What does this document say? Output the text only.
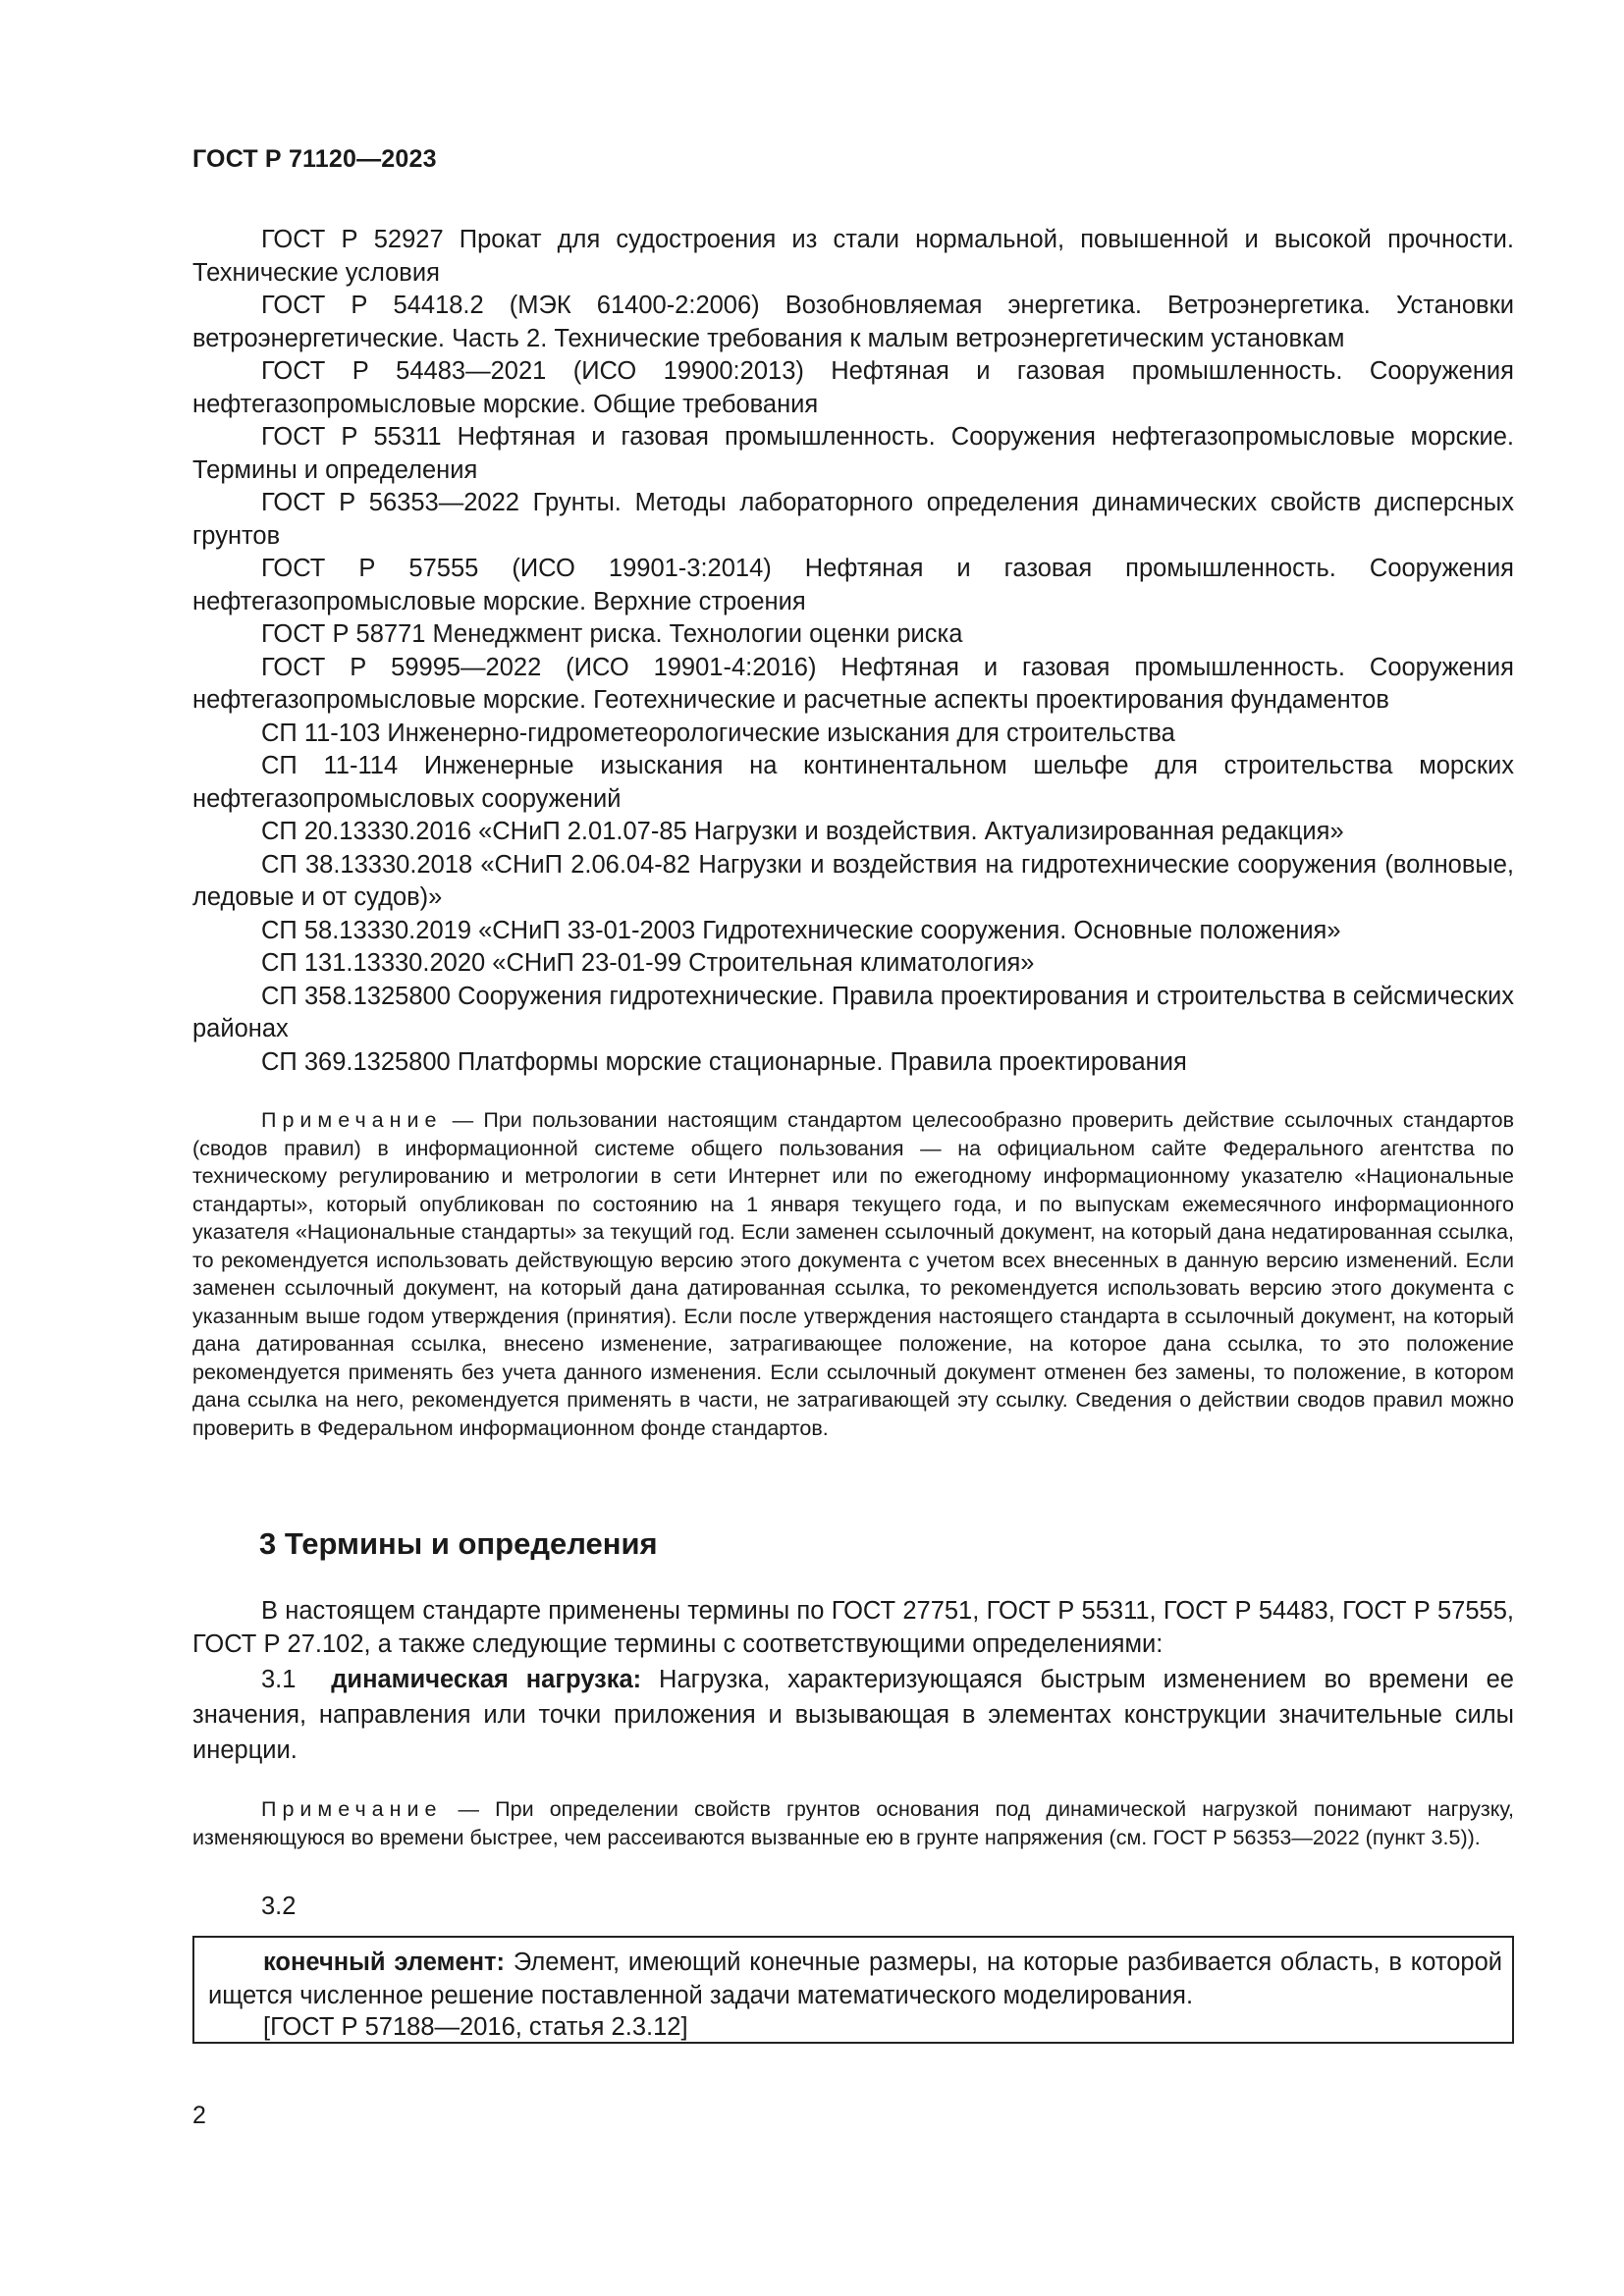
ГОСТ Р 71120—2023

ГОСТ Р 52927 Прокат для судостроения из стали нормальной, повышенной и высокой прочности. Технические условия

ГОСТ Р 54418.2 (МЭК 61400-2:2006) Возобновляемая энергетика. Ветроэнергетика. Установки ветроэнергетические. Часть 2. Технические требования к малым ветроэнергетическим установкам

ГОСТ Р 54483—2021 (ИСО 19900:2013) Нефтяная и газовая промышленность. Сооружения нефтегазопромысловые морские. Общие требования

ГОСТ Р 55311 Нефтяная и газовая промышленность. Сооружения нефтегазопромысловые морские. Термины и определения

ГОСТ Р 56353—2022 Грунты. Методы лабораторного определения динамических свойств дисперсных грунтов

ГОСТ Р 57555 (ИСО 19901-3:2014) Нефтяная и газовая промышленность. Сооружения нефтегазопромысловые морские. Верхние строения

ГОСТ Р 58771 Менеджмент риска. Технологии оценки риска

ГОСТ Р 59995—2022 (ИСО 19901-4:2016) Нефтяная и газовая промышленность. Сооружения нефтегазопромысловые морские. Геотехнические и расчетные аспекты проектирования фундаментов

СП 11-103 Инженерно-гидрометеорологические изыскания для строительства

СП 11-114 Инженерные изыскания на континентальном шельфе для строительства морских нефтегазопромысловых сооружений

СП 20.13330.2016 «СНиП 2.01.07-85 Нагрузки и воздействия. Актуализированная редакция»

СП 38.13330.2018 «СНиП 2.06.04-82 Нагрузки и воздействия на гидротехнические сооружения (волновые, ледовые и от судов)»

СП 58.13330.2019 «СНиП 33-01-2003 Гидротехнические сооружения. Основные положения»

СП 131.13330.2020 «СНиП 23-01-99 Строительная климатология»

СП 358.1325800 Сооружения гидротехнические. Правила проектирования и строительства в сейсмических районах

СП 369.1325800 Платформы морские стационарные. Правила проектирования

Примечание — При пользовании настоящим стандартом целесообразно проверить действие ссылочных стандартов (сводов правил) в информационной системе общего пользования — на официальном сайте Федерального агентства по техническому регулированию и метрологии в сети Интернет или по ежегодному информационному указателю «Национальные стандарты», который опубликован по состоянию на 1 января текущего года, и по выпускам ежемесячного информационного указателя «Национальные стандарты» за текущий год. Если заменен ссылочный документ, на который дана недатированная ссылка, то рекомендуется использовать действующую версию этого документа с учетом всех внесенных в данную версию изменений. Если заменен ссылочный документ, на который дана датированная ссылка, то рекомендуется использовать версию этого документа с указанным выше годом утверждения (принятия). Если после утверждения настоящего стандарта в ссылочный документ, на который дана датированная ссылка, внесено изменение, затрагивающее положение, на которое дана ссылка, то это положение рекомендуется применять без учета данного изменения. Если ссылочный документ отменен без замены, то положение, в котором дана ссылка на него, рекомендуется применять в части, не затрагивающей эту ссылку. Сведения о действии сводов правил можно проверить в Федеральном информационном фонде стандартов.

3 Термины и определения

В настоящем стандарте применены термины по ГОСТ 27751, ГОСТ Р 55311, ГОСТ Р 54483, ГОСТ Р 57555, ГОСТ Р 27.102, а также следующие термины с соответствующими определениями:

3.1 динамическая нагрузка: Нагрузка, характеризующаяся быстрым изменением во времени ее значения, направления или точки приложения и вызывающая в элементах конструкции значительные силы инерции.

Примечание — При определении свойств грунтов основания под динамической нагрузкой понимают нагрузку, изменяющуюся во времени быстрее, чем рассеиваются вызванные ею в грунте напряжения (см. ГОСТ Р 56353—2022 (пункт 3.5)).

3.2

конечный элемент: Элемент, имеющий конечные размеры, на которые разбивается область, в которой ищется численное решение поставленной задачи математического моделирования.

[ГОСТ Р 57188—2016, статья 2.3.12]

2
